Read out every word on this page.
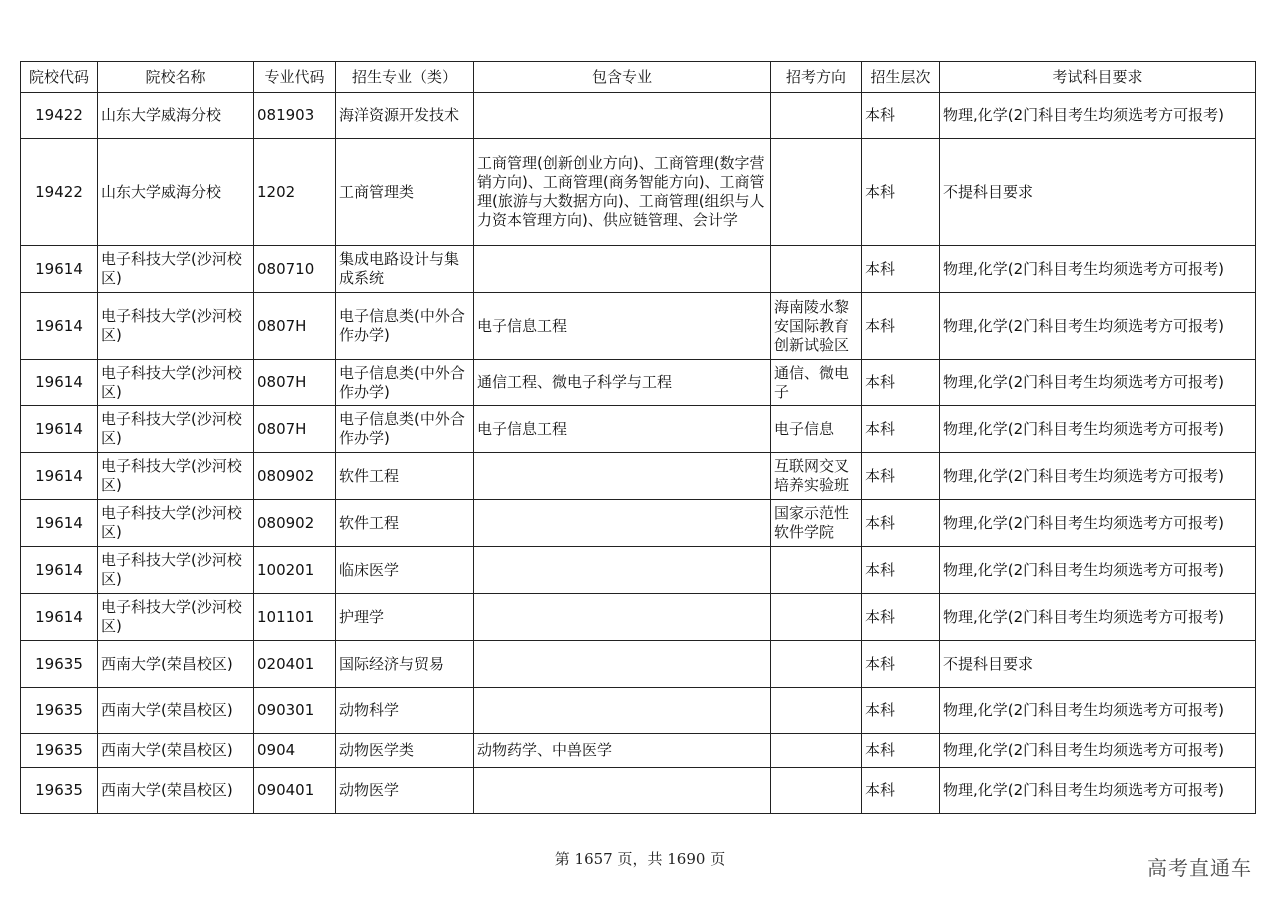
院校代码	院校名称	专业代码	招生专业（类）	包含专业	招考方向	招生层次	考试科目要求
19422	山东大学威海分校	081903	海洋资源开发技术			本科	物理,化学(2门科目考生均须选考方可报考)
19422	山东大学威海分校	1202	工商管理类	工商管理(创新创业方向)、工商管理(数字营销方向)、工商管理(商务智能方向)、工商管理(旅游与大数据方向)、工商管理(组织与人力资本管理方向)、供应链管理、会计学		本科	不提科目要求
19614	电子科技大学(沙河校区)	080710	集成电路设计与集成系统			本科	物理,化学(2门科目考生均须选考方可报考)
19614	电子科技大学(沙河校区)	0807H	电子信息类(中外合作办学)	电子信息工程	海南陵水黎安国际教育创新试验区	本科	物理,化学(2门科目考生均须选考方可报考)
19614	电子科技大学(沙河校区)	0807H	电子信息类(中外合作办学)	通信工程、微电子科学与工程	通信、微电子	本科	物理,化学(2门科目考生均须选考方可报考)
19614	电子科技大学(沙河校区)	0807H	电子信息类(中外合作办学)	电子信息工程	电子信息	本科	物理,化学(2门科目考生均须选考方可报考)
19614	电子科技大学(沙河校区)	080902	软件工程		互联网交叉培养实验班	本科	物理,化学(2门科目考生均须选考方可报考)
19614	电子科技大学(沙河校区)	080902	软件工程		国家示范性软件学院	本科	物理,化学(2门科目考生均须选考方可报考)
19614	电子科技大学(沙河校区)	100201	临床医学			本科	物理,化学(2门科目考生均须选考方可报考)
19614	电子科技大学(沙河校区)	101101	护理学			本科	物理,化学(2门科目考生均须选考方可报考)
19635	西南大学(荣昌校区)	020401	国际经济与贸易			本科	不提科目要求
19635	西南大学(荣昌校区)	090301	动物科学			本科	物理,化学(2门科目考生均须选考方可报考)
19635	西南大学(荣昌校区)	0904	动物医学类	动物药学、中兽医学		本科	物理,化学(2门科目考生均须选考方可报考)
19635	西南大学(荣昌校区)	090401	动物医学			本科	物理,化学(2门科目考生均须选考方可报考)
第 1657 页，共 1690 页	高考直通车
